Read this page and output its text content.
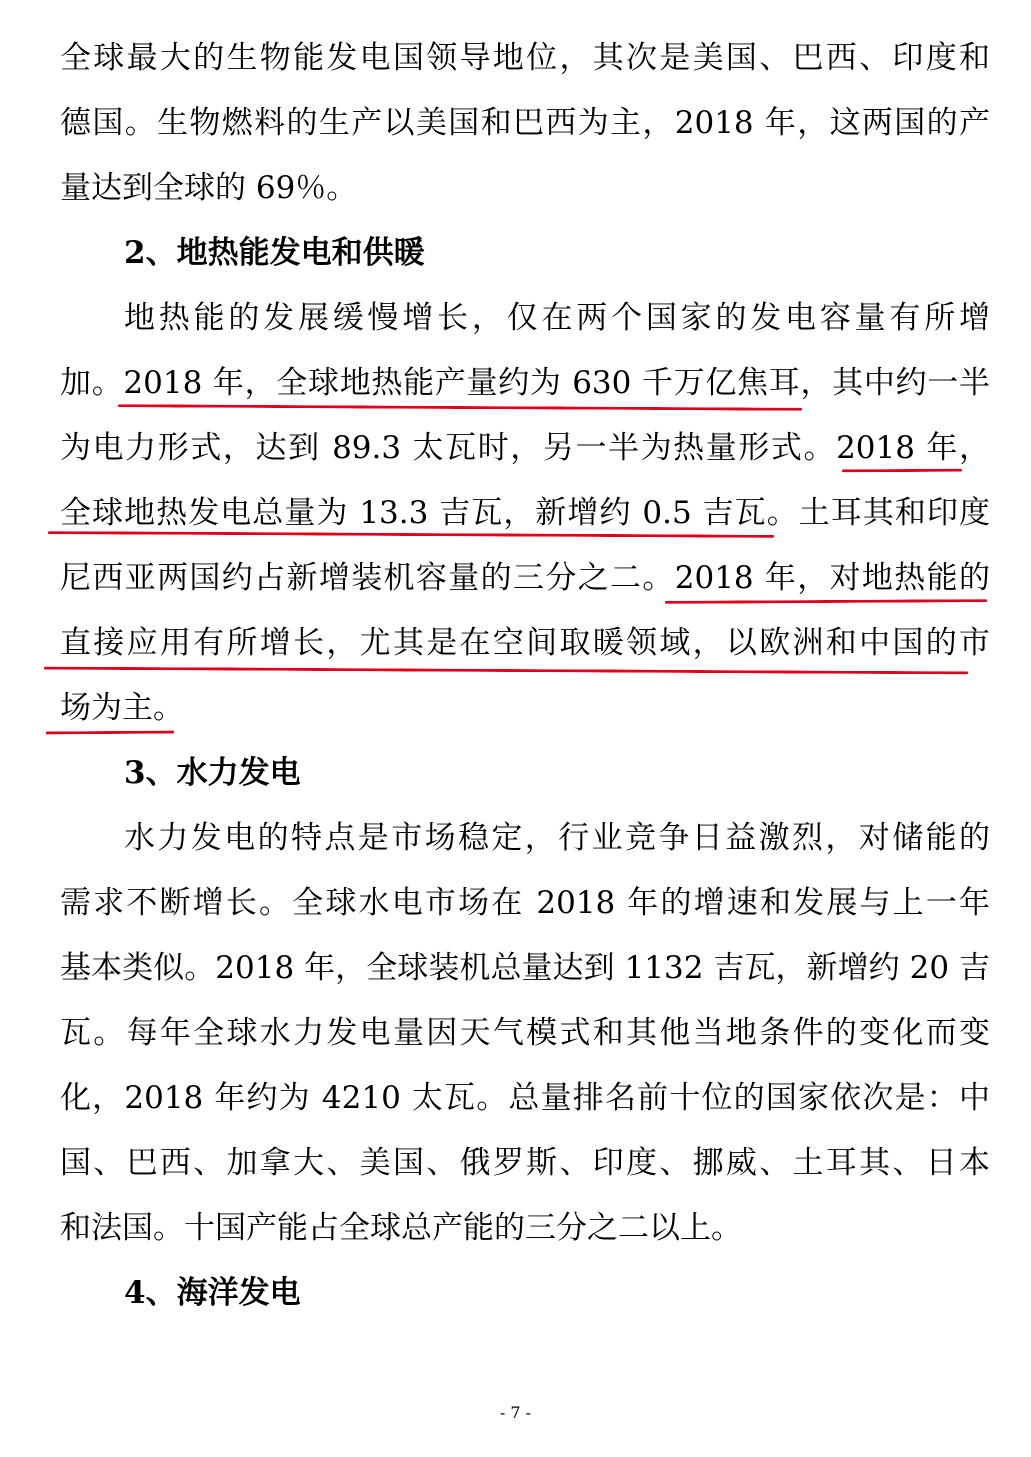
全球最大的生物能发电国领导地位，其次是美国、巴西、印度和
德国。生物燃料的生产以美国和巴西为主，2018 年，这两国的产
量达到全球的 69％。
2、地热能发电和供暖
地热能的发展缓慢增长，仅在两个国家的发电容量有所增
加。2018 年，全球地热能产量约为 630 千万亿焦耳，其中约一半
为电力形式，达到 89.3 太瓦时，另一半为热量形式。2018 年，
全球地热发电总量为 13.3 吉瓦，新增约 0.5 吉瓦。土耳其和印度
尼西亚两国约占新增装机容量的三分之二。2018 年，对地热能的
直接应用有所增长，尤其是在空间取暖领域，以欧洲和中国的市
场为主。
3、水力发电
水力发电的特点是市场稳定，行业竞争日益激烈，对储能的
需求不断增长。全球水电市场在 2018 年的增速和发展与上一年
基本类似。2018 年，全球装机总量达到 1132 吉瓦，新增约 20 吉
瓦。每年全球水力发电量因天气模式和其他当地条件的变化而变
化，2018 年约为 4210 太瓦。总量排名前十位的国家依次是：中
国、巴西、加拿大、美国、俄罗斯、印度、挪威、土耳其、日本
和法国。十国产能占全球总产能的三分之二以上。
4、海洋发电
- 7 -
